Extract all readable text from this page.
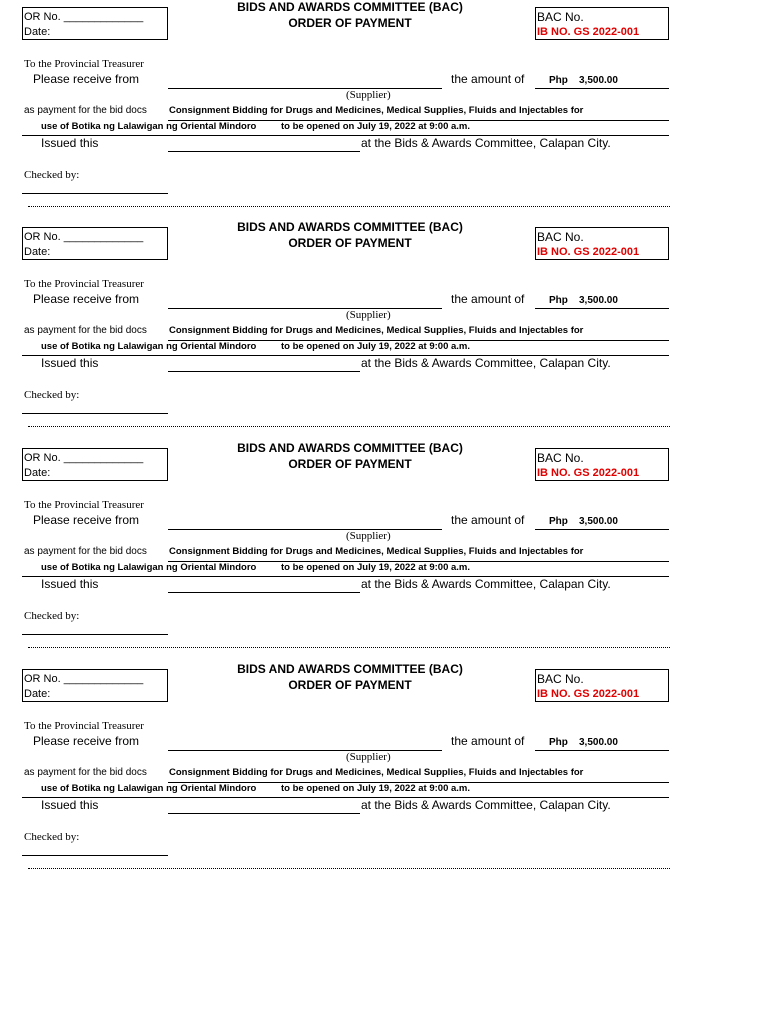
BIDS AND AWARDS COMMITTEE (BAC)
ORDER OF PAYMENT
OR No. _____________
Date:
BAC No.
IB NO. GS 2022-001
To the Provincial Treasurer
Please receive from	the amount of Php 3,500.00
(Supplier)
as payment for the bid docs Consignment Bidding for Drugs and Medicines, Medical Supplies, Fluids and Injectables for
use of Botika ng Lalawigan ng Oriental Mindoro	to be opened on July 19, 2022 at 9:00 a.m.
Issued this	at the Bids & Awards Committee, Calapan City.
Checked by:
BIDS AND AWARDS COMMITTEE (BAC)
ORDER OF PAYMENT
OR No. _____________
Date:
BAC No.
IB NO. GS 2022-001
To the Provincial Treasurer
Please receive from	the amount of Php 3,500.00
(Supplier)
as payment for the bid docs Consignment Bidding for Drugs and Medicines, Medical Supplies, Fluids and Injectables for
use of Botika ng Lalawigan ng Oriental Mindoro	to be opened on July 19, 2022 at 9:00 a.m.
Issued this	at the Bids & Awards Committee, Calapan City.
Checked by:
BIDS AND AWARDS COMMITTEE (BAC)
ORDER OF PAYMENT
OR No. _____________
Date:
BAC No.
IB NO. GS 2022-001
To the Provincial Treasurer
Please receive from	the amount of Php 3,500.00
(Supplier)
as payment for the bid docs Consignment Bidding for Drugs and Medicines, Medical Supplies, Fluids and Injectables for
use of Botika ng Lalawigan ng Oriental Mindoro	to be opened on July 19, 2022 at 9:00 a.m.
Issued this	at the Bids & Awards Committee, Calapan City.
Checked by:
BIDS AND AWARDS COMMITTEE (BAC)
ORDER OF PAYMENT
OR No. _____________
Date:
BAC No.
IB NO. GS 2022-001
To the Provincial Treasurer
Please receive from	the amount of Php 3,500.00
(Supplier)
as payment for the bid docs Consignment Bidding for Drugs and Medicines, Medical Supplies, Fluids and Injectables for
use of Botika ng Lalawigan ng Oriental Mindoro	to be opened on July 19, 2022 at 9:00 a.m.
Issued this	at the Bids & Awards Committee, Calapan City.
Checked by:
